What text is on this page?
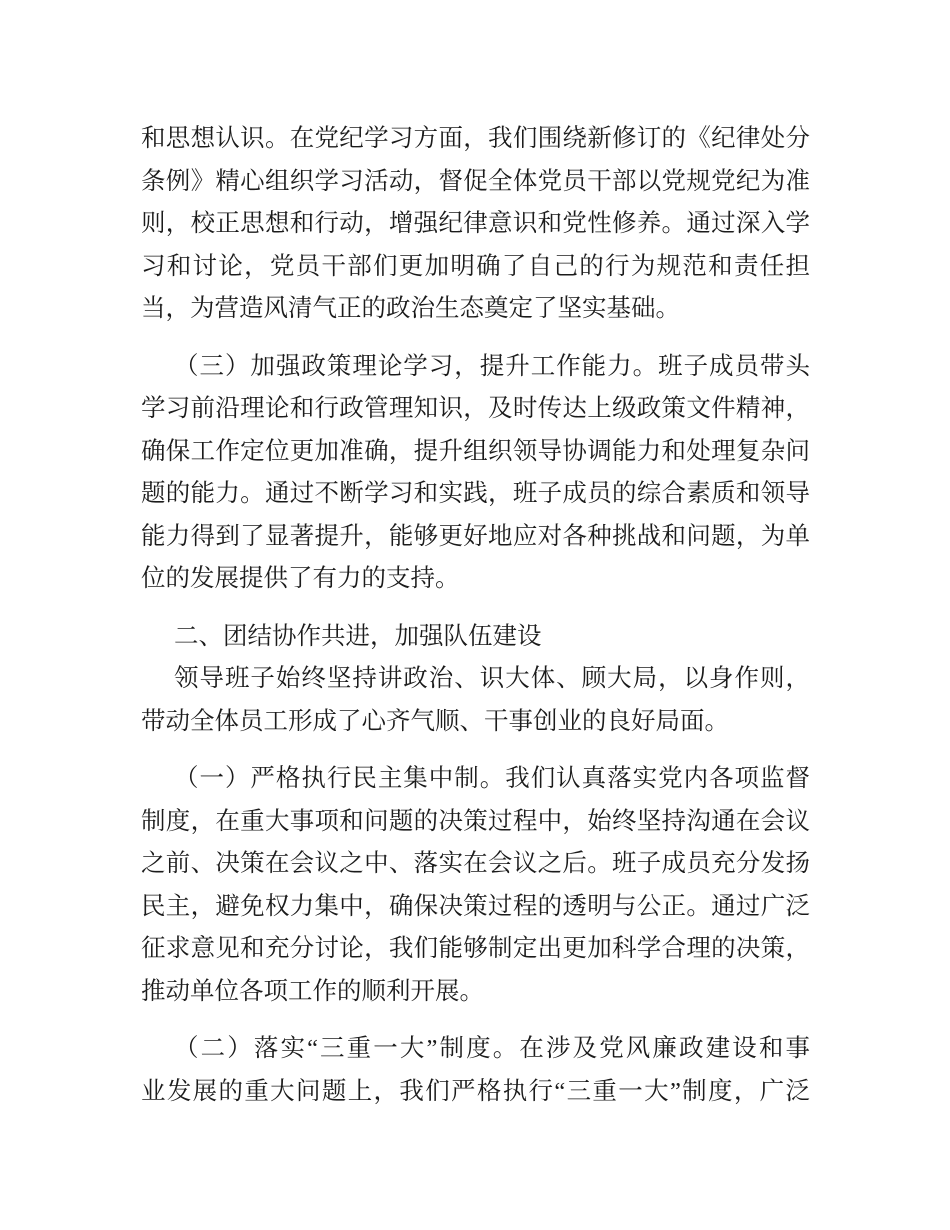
和思想认识。在党纪学习方面，我们围绕新修订的《纪律处分
条例》精心组织学习活动，督促全体党员干部以党规党纪为准
则，校正思想和行动，增强纪律意识和党性修养。通过深入学
习和讨论，党员干部们更加明确了自己的行为规范和责任担
当，为营造风清气正的政治生态奠定了坚实基础。
（三）加强政策理论学习，提升工作能力。班子成员带头
学习前沿理论和行政管理知识，及时传达上级政策文件精神，
确保工作定位更加准确，提升组织领导协调能力和处理复杂问
题的能力。通过不断学习和实践，班子成员的综合素质和领导
能力得到了显著提升，能够更好地应对各种挑战和问题，为单
位的发展提供了有力的支持。
二、团结协作共进，加强队伍建设
领导班子始终坚持讲政治、识大体、顾大局，以身作则，
带动全体员工形成了心齐气顺、干事创业的良好局面。
（一）严格执行民主集中制。我们认真落实党内各项监督
制度，在重大事项和问题的决策过程中，始终坚持沟通在会议
之前、决策在会议之中、落实在会议之后。班子成员充分发扬
民主，避免权力集中，确保决策过程的透明与公正。通过广泛
征求意见和充分讨论，我们能够制定出更加科学合理的决策，
推动单位各项工作的顺利开展。
（二）落实“三重一大”制度。在涉及党风廉政建设和事
业发展的重大问题上，我们严格执行“三重一大”制度，广泛
